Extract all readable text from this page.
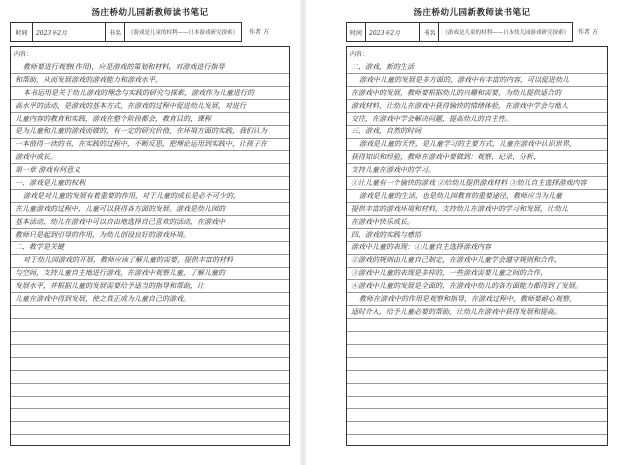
汤庄桥幼儿园新教师读书笔记
时间	2023年2月	书名	《游戏是儿童的权利——日本游戏研究探索》	作者 方
内容：
教师要进行观察(作用)，应是游戏的策划和材料，对游戏进行指导
和帮助，从而发展游戏的游戏能力和游戏水平。
本书运用是关于幼儿游戏的理念与实践的研究与探索，游戏作为儿童进行的
高水平的活动，是游戏的基本方式，在游戏的过程中促进幼儿发展，对进行
儿童内容的教育和实践，游戏在整个阶段都会，教育目的，课程
是为儿童和儿童的游戏而做的，有一定的研究价值，在环境方面的实践，我们认为
一本值得一读的书，在实践的过程中，不断反思，把理论运用到实践中，让孩子在
游戏中成长。
第一章 游戏有何意义
一、游戏是儿童的权利
游戏是对儿童的发展有着重要的作用，对于儿童的成长是必不可少的，
在儿童游戏的过程中，儿童可以获得各方面的发展。游戏是幼儿园的
基本活动，幼儿在游戏中可以自由地选择自己喜欢的活动，在游戏中
教师只是起到引导的作用，为幼儿创设良好的游戏环境。
二、教学是关键
对于幼儿园游戏的开展，教师应该了解儿童的需要，提供丰富的材料
与空间，支持儿童自主地进行游戏，在游戏中观察儿童，了解儿童的
发展水平，并根据儿童的发展需要给予适当的指导和帮助，让
儿童在游戏中得到发展，使之真正成为儿童自己的游戏。
汤庄桥幼儿园新教师读书笔记
时间	2023年2月	书名	《游戏是儿童的权利——日本幼儿园游戏研究探索》	作者 方
内容：
二、游戏，新的生活
游戏中儿童的发展是多方面的，游戏中有丰富的内容，可以促进幼儿
在游戏中的发展，教师要根据幼儿的兴趣和需要，为幼儿提供适合的
游戏材料，让幼儿在游戏中获得愉快的情绪体验，在游戏中学会与他人
交往，在游戏中学会解决问题，提高幼儿的自主性。
三、游戏，自然的时间
游戏是儿童的天性，是儿童学习的主要方式，儿童在游戏中认识世界，
获得知识和经验，教师在游戏中要做到：观察、记录、分析、
支持儿童在游戏中的学习。
①让儿童有一个愉快的游戏 ②给幼儿提供游戏材料 ③幼儿自主选择游戏内容
游戏是儿童的生活，也是幼儿园教育的重要途径，教师应当为儿童
提供丰富的游戏环境和材料，支持幼儿在游戏中的学习和发展，让幼儿
在游戏中快乐成长。
四、游戏的实践与感悟
游戏中儿童的表现：①儿童自主选择游戏内容
②游戏的规则由儿童自己制定，在游戏中儿童学会遵守规则和合作，
③游戏中儿童的表现是多样的，一些游戏需要儿童之间的合作，
④游戏中儿童的发展是全面的，在游戏中幼儿的各方面能力都得到了发展。
教师在游戏中的作用是观察和指导，在游戏过程中，教师要耐心观察，
适时介入，给予儿童必要的帮助，让幼儿在游戏中获得发展和提高。
